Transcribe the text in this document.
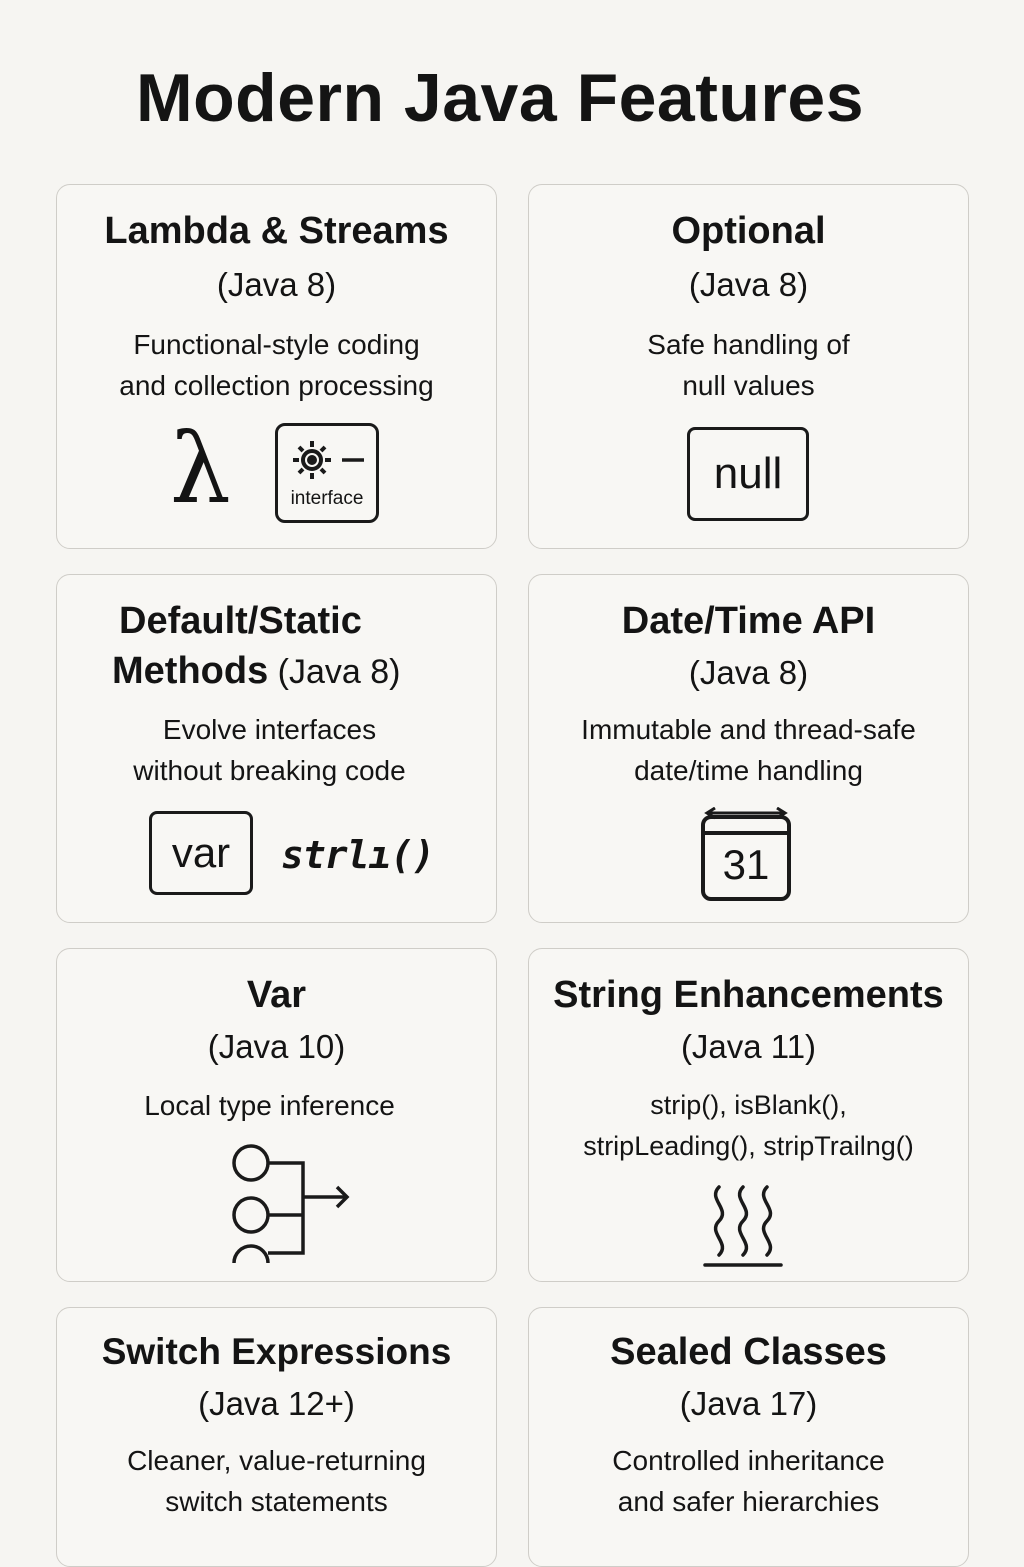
Modern Java Features
Lambda & Streams
(Java 8)
Functional-style coding
and collection processing
λ	interface
Optional
(Java 8)
Safe handling of
null values
null
Default/Static
Methods (Java 8)
Evolve interfaces
without breaking code
var	strlı()
Date/Time API
(Java 8)
Immutable and thread-safe
date/time handling
31
Var
(Java 10)
Local type inference
String Enhancements
(Java 11)
strip(), isBlank(),
stripLeading(), stripTrailng()
Switch Expressions
(Java 12+)
Cleaner, value-returning
switch statements
Sealed Classes
(Java 17)
Controlled inheritance
and safer hierarchies
